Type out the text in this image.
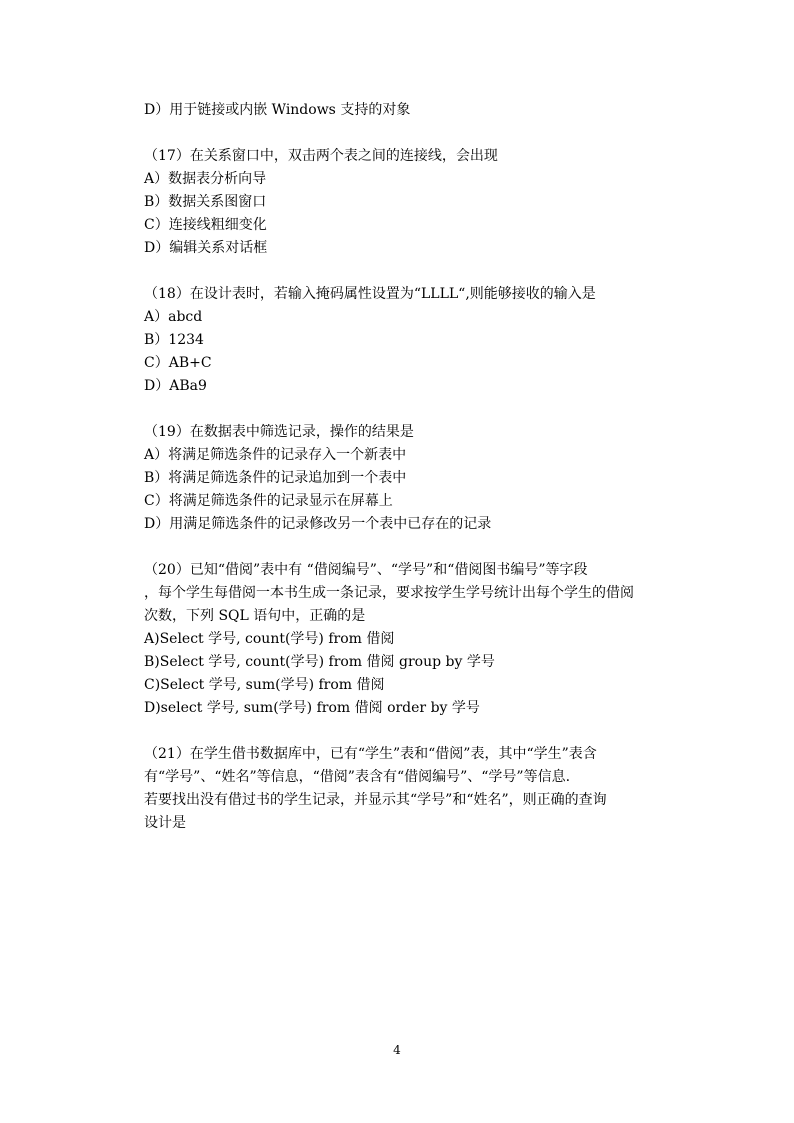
D）用于链接或内嵌 Windows 支持的对象
（17）在关系窗口中，双击两个表之间的连接线，会出现
A）数据表分析向导
B）数据关系图窗口
C）连接线粗细变化
D）编辑关系对话框
（18）在设计表时，若输入掩码属性设置为“LLLL“,则能够接收的输入是
A）abcd
B）1234
C）AB+C
D）ABa9
（19）在数据表中筛选记录，操作的结果是
A）将满足筛选条件的记录存入一个新表中
B）将满足筛选条件的记录追加到一个表中
C）将满足筛选条件的记录显示在屏幕上
D）用满足筛选条件的记录修改另一个表中已存在的记录
（20）已知“借阅”表中有 “借阅编号”、“学号”和“借阅图书编号”等字段
，每个学生每借阅一本书生成一条记录，要求按学生学号统计出每个学生的借阅
次数，下列 SQL 语句中，正确的是
A)Select 学号, count(学号) from 借阅
B)Select 学号, count(学号) from 借阅 group by 学号
C)Select 学号, sum(学号) from 借阅
D)select 学号, sum(学号) from 借阅 order by 学号
（21）在学生借书数据库中，已有“学生”表和“借阅”表，其中“学生”表含
有“学号”、“姓名”等信息，“借阅”表含有“借阅编号”、“学号”等信息.
若要找出没有借过书的学生记录，并显示其“学号”和“姓名”，则正确的查询
设计是
4
